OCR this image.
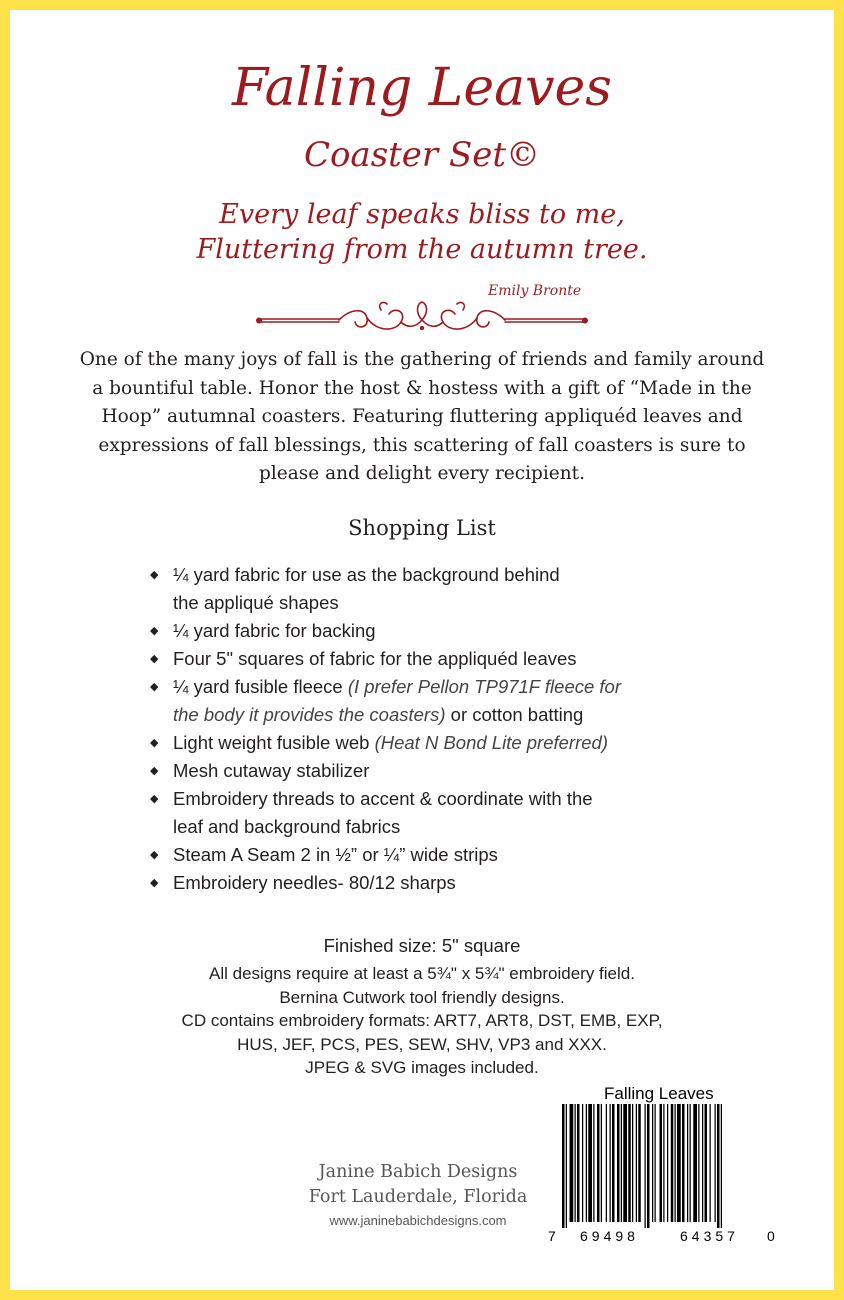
Falling Leaves
Coaster Set©
Every leaf speaks bliss to me,
Fluttering from the autumn tree.
Emily Bronte
One of the many joys of fall is the gathering of friends and family around
a bountiful table. Honor the host & hostess with a gift of “Made in the
Hoop” autumnal coasters. Featuring fluttering appliquéd leaves and
expressions of fall blessings, this scattering of fall coasters is sure to
please and delight every recipient.
Shopping List
◆ ¼ yard fabric for use as the background behind
the appliqué shapes
◆ ¼ yard fabric for backing
◆ Four 5" squares of fabric for the appliquéd leaves
◆ ¼ yard fusible fleece (I prefer Pellon TP971F fleece for
the body it provides the coasters) or cotton batting
◆ Light weight fusible web (Heat N Bond Lite preferred)
◆ Mesh cutaway stabilizer
◆ Embroidery threads to accent & coordinate with the
leaf and background fabrics
◆ Steam A Seam 2 in ½” or ¼” wide strips
◆ Embroidery needles- 80/12 sharps
Finished size: 5" square
All designs require at least a 5¾" x 5¾" embroidery field.
Bernina Cutwork tool friendly designs.
CD contains embroidery formats: ART7, ART8, DST, EMB, EXP,
HUS, JEF, PCS, PES, SEW, SHV, VP3 and XXX.
JPEG & SVG images included.
Falling Leaves
7 69498	64357 0
Janine Babich Designs
Fort Lauderdale, Florida
www.janinebabichdesigns.com
